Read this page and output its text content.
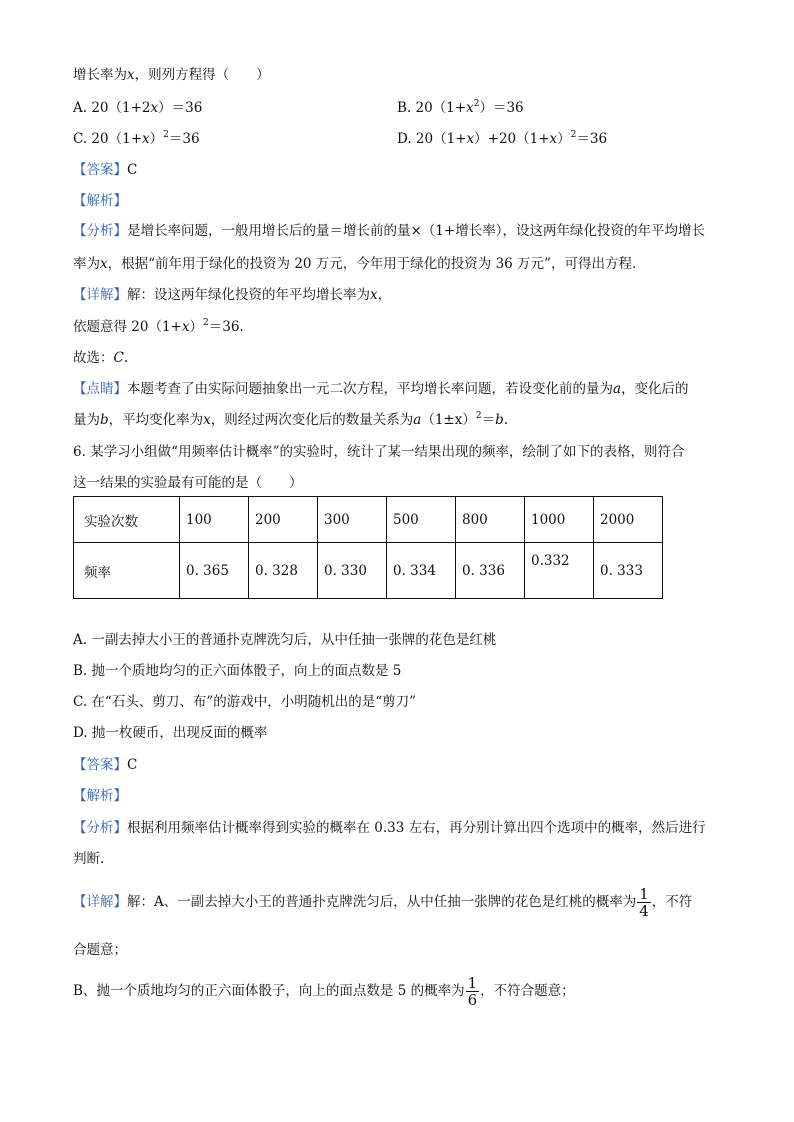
增长率为x，则列方程得（　　）
A. 20（1+2x）＝36	B. $20(1+x^2)=36$
C. $20(1+x)^2=36$	D. $20(1+x)+20(1+x)^2=36$
【答案】C
【解析】
【分析】是增长率问题，一般用增长后的量＝增长前的量×（1+增长率），设这两年绿化投资的年平均增长
率为x，根据“前年用于绿化的投资为 20 万元，今年用于绿化的投资为 36 万元”，可得出方程.
【详解】解：设这两年绿化投资的年平均增长率为x，
依题意得 $20(1+x)^2=36$.
故选：C.
【点睛】本题考查了由实际问题抽象出一元二次方程，平均增长率问题，若设变化前的量为a，变化后的
量为b，平均变化率为x，则经过两次变化后的数量关系为$a(1\pm x)^2=b$.
6. 某学习小组做“用频率估计概率”的实验时，统计了某一结果出现的频率，绘制了如下的表格，则符合
这一结果的实验最有可能的是（　　）
实验次数	100	200	300	500	800	1000	2000
频率	0. 365	0. 328	0. 330	0. 334	0. 336	0.332	0. 333
A. 一副去掉大小王的普通扑克牌洗匀后，从中任抽一张牌的花色是红桃
B. 抛一个质地均匀的正六面体骰子，向上的面点数是 5
C. 在“石头、剪刀、布”的游戏中，小明随机出的是“剪刀”
D. 抛一枚硬币，出现反面的概率
【答案】C
【解析】
【分析】根据利用频率估计概率得到实验的概率在 0.33 左右，再分别计算出四个选项中的概率，然后进行
判断.
【详解】解：A、一副去掉大小王的普通扑克牌洗匀后，从中任抽一张牌的花色是红桃的概率为 $\frac{1}{4}$ ，不符
合题意；
B、抛一个质地均匀的正六面体骰子，向上的面点数是 5 的概率为 $\frac{1}{6}$ ，不符合题意；
